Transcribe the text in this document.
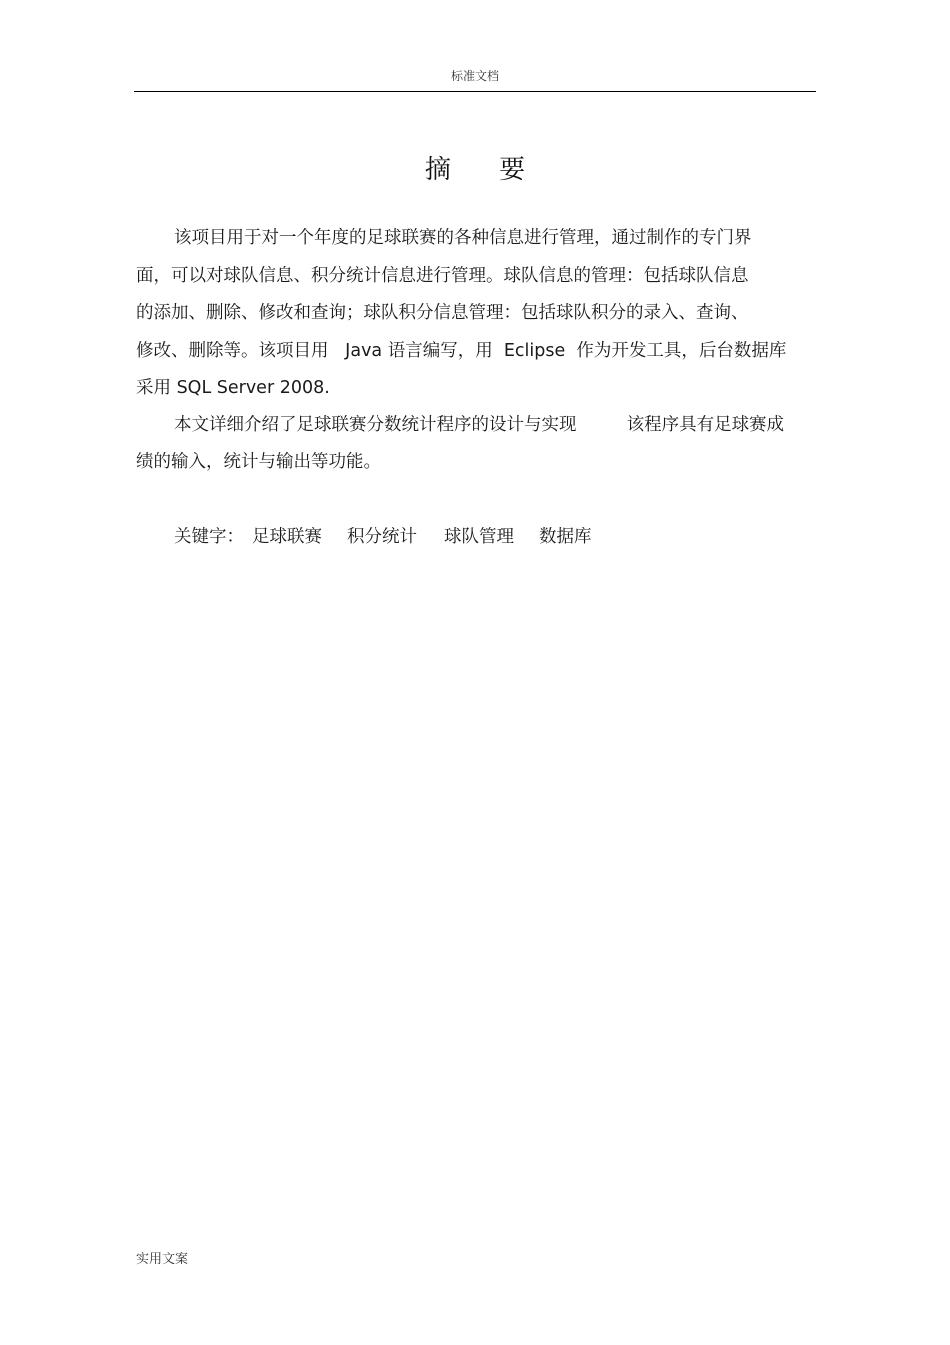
标准文档
摘 要
该项目用于对一个年度的足球联赛的各种信息进行管理，通过制作的专门界
面，可以对球队信息、积分统计信息进行管理。球队信息的管理：包括球队信息
的添加、删除、修改和查询；球队积分信息管理：包括球队积分的录入、查询、
修改、删除等。该项目用   Java 语言编写，用  Eclipse  作为开发工具，后台数据库
采用 SQL Server 2008.
本文详细介绍了足球联赛分数统计程序的设计与实现         该程序具有足球赛成
绩的输入，统计与输出等功能。
关键字： 足球联赛 积分统计 球队管理 数据库
实用文案
